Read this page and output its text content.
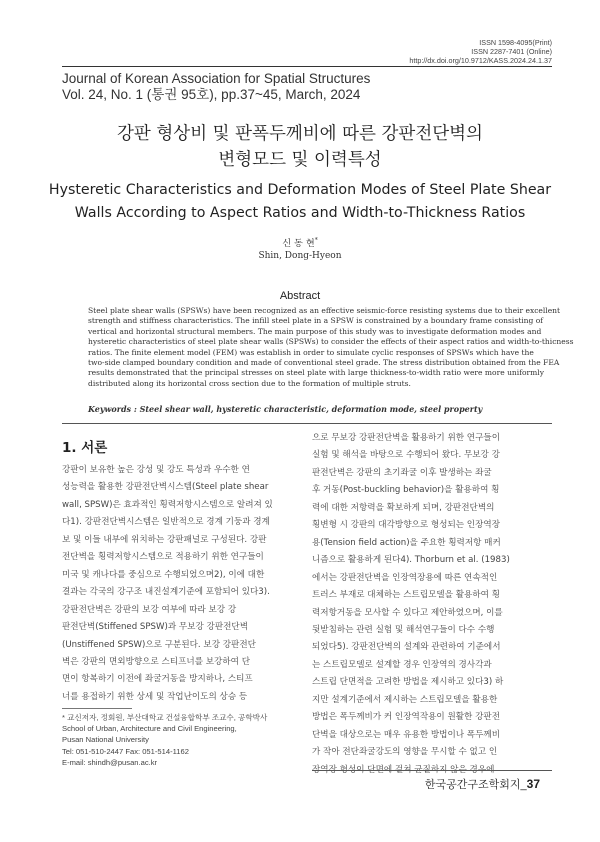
ISSN 1598-4095(Print)
ISSN 2287-7401 (Online)
http://dx.doi.org/10.9712/KASS.2024.24.1.37
Journal of Korean Association for Spatial Structures
Vol. 24, No. 1 (통권 95호), pp.37~45, March, 2024
강판 형상비 및 판폭두께비에 따른 강판전단벽의
변형모드 및 이력특성
Hysteretic Characteristics and Deformation Modes of Steel Plate Shear
Walls According to Aspect Ratios and Width-to-Thickness Ratios
신 동 현*
Shin, Dong-Hyeon
Abstract
Steel plate shear walls (SPSWs) have been recognized as an effective seismic-force resisting systems due to their excellent
strength and stiffness characteristics. The infill steel plate in a SPSW is constrained by a boundary frame consisting of
vertical and horizontal structural members. The main purpose of this study was to investigate deformation modes and
hysteretic characteristics of steel plate shear walls (SPSWs) to consider the effects of their aspect ratios and width-to-thicness
ratios. The finite element model (FEM) was establish in order to simulate cyclic responses of SPSWs which have the
two-side clamped boundary condition and made of conventional steel grade. The stress distribution obtained from the FEA
results demonstrated that the principal stresses on steel plate with large thickness-to-width ratio were more uniformly
distributed along its horizontal cross section due to the formation of multiple struts.
Keywords : Steel shear wall, hysteretic characteristic, deformation mode, steel property
1. 서론
강판이 보유한 높은 강성 및 강도 특성과 우수한 연
성능력을 활용한 강판전단벽시스템(Steel plate shear
wall, SPSW)은 효과적인 횡력저항시스템으로 알려져 있
다1). 강판전단벽시스템은 일반적으로 경계 기둥과 경계
보 및 이들 내부에 위치하는 강판패널로 구성된다. 강판
전단벽을 횡력저항시스템으로 적용하기 위한 연구들이
미국 및 캐나다를 중심으로 수행되었으며2), 이에 대한
결과는 각국의 강구조 내진설계기준에 포함되어 있다3).
강판전단벽은 강판의 보강 여부에 따라 보강 강
판전단벽(Stiffened SPSW)과 무보강 강판전단벽
(Unstiffened SPSW)으로 구분된다. 보강 강판전단
벽은 강판의 면외방향으로 스티프너를 보강하여 단
면이 항복하기 이전에 좌굴거동을 방지하나, 스티프
너를 용접하기 위한 상세 및 작업난이도의 상승 등
으로 무보강 강판전단벽을 활용하기 위한 연구들이
실험 및 해석을 바탕으로 수행되어 왔다. 무보강 강
판전단벽은 강판의 초기좌굴 이후 발생하는 좌굴
후 거동(Post-buckling behavior)을 활용하여 횡
력에 대한 저항력을 확보하게 되며, 강판전단벽의
횡변형 시 강판의 대각방향으로 형성되는 인장역장
용(Tension field action)을 주요한 횡력저항 매커
니즘으로 활용하게 된다4). Thorburn et al. (1983)
에서는 강판전단벽을 인장역장용에 따른 연속적인
트러스 부재로 대체하는 스트립모델을 활용하여 횡
력저항거동을 모사할 수 있다고 제안하였으며, 이를
뒷받침하는 관련 실험 및 해석연구들이 다수 수행
되었다5). 강판전단벽의 설계와 관련하여 기준에서
는 스트립모델로 설계할 경우 인장역의 경사각과
스트립 단면적을 고려한 방법을 제시하고 있다3) 하
지만 설계기준에서 제시하는 스트립모델을 활용한
방법은 폭두께비가 커 인장역작용이 원활한 강판전
단벽을 대상으로는 매우 유용한 방법이나 폭두께비
가 작아 전단좌굴강도의 영향을 무시할 수 없고 인
장역장 형성이 단면에 걸쳐 균질하지 않은 경우에
* 교신저자, 정회원, 부산대학교 건설융합학부 조교수, 공학박사
School of Urban, Architecture and Civil Engineering,
Pusan National University
Tel: 051-510-2447 Fax: 051-514-1162
E-mail: shindh@pusan.ac.kr
한국공간구조학회지_37
